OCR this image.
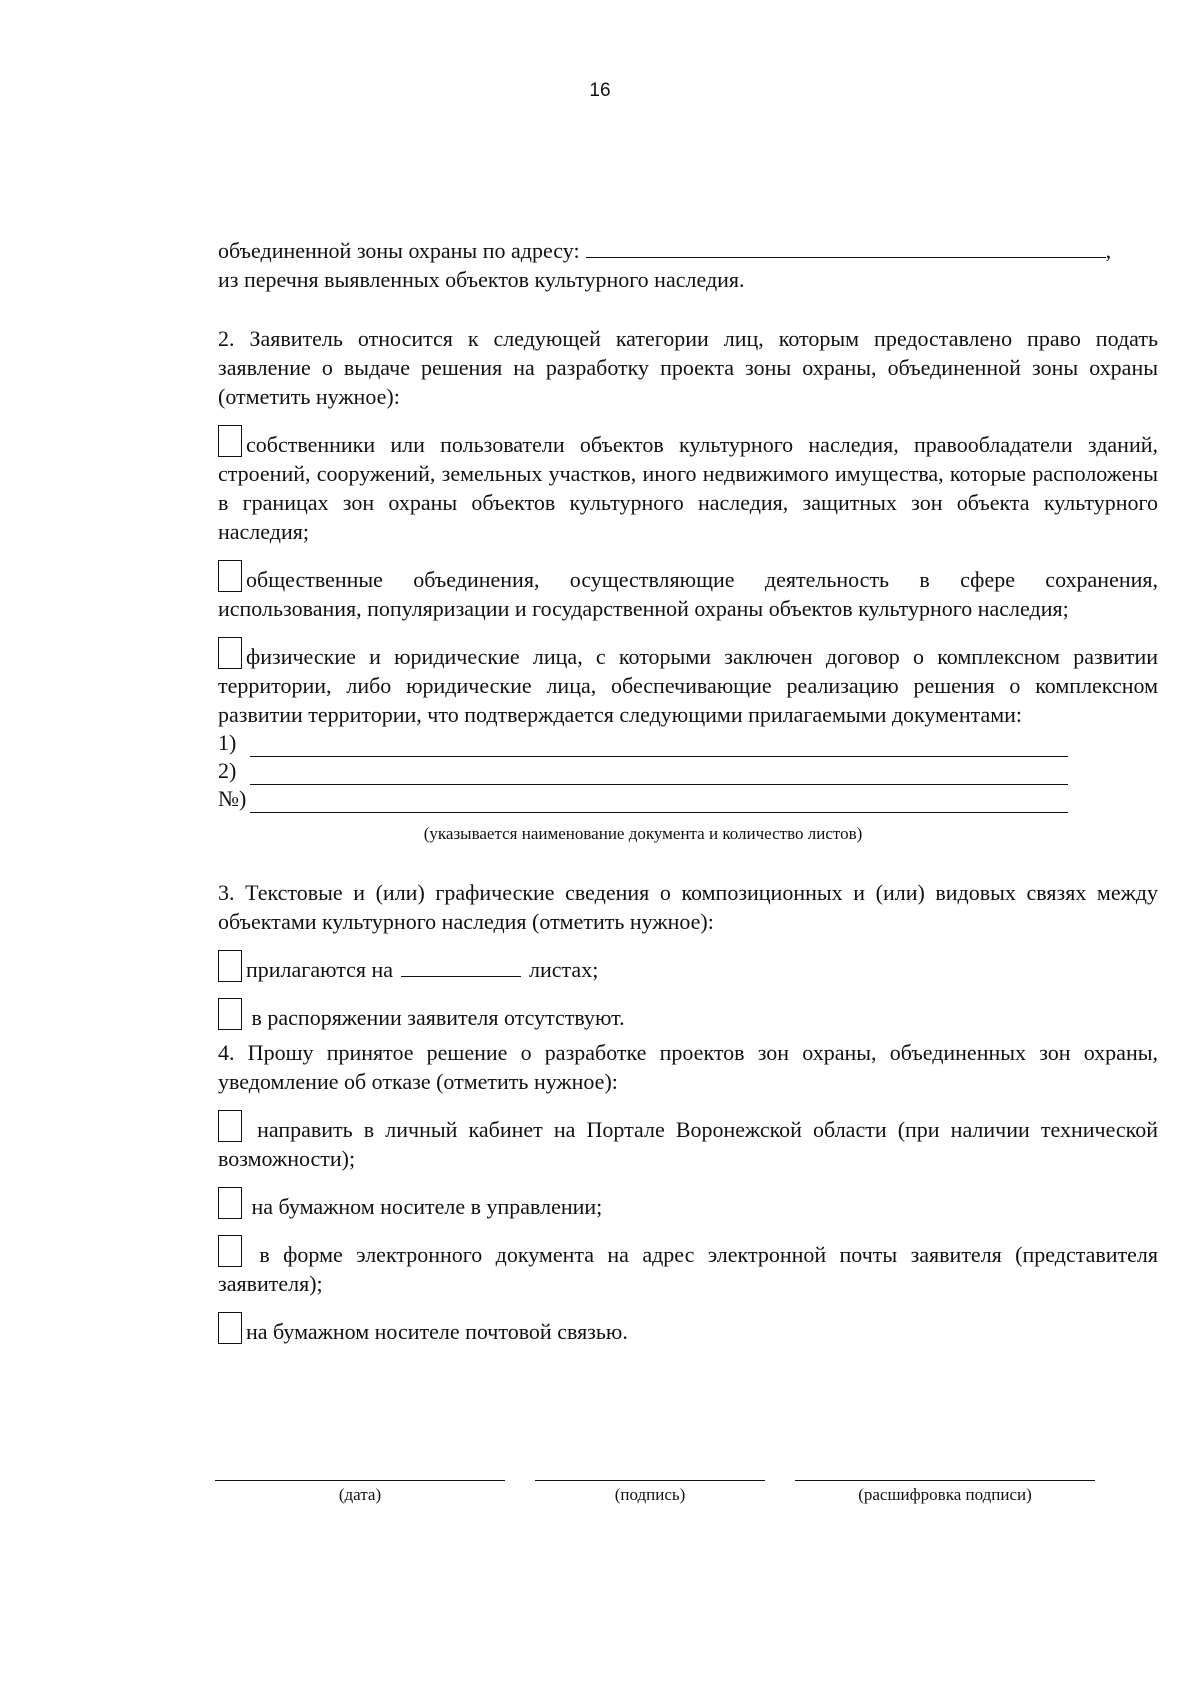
16

объединенной зоны охраны по адресу:	,

из перечня выявленных объектов культурного наследия.

2. Заявитель относится к следующей категории лиц, которым предоставлено право подать заявление о выдаче решения на разработку проекта зоны охраны, объединенной зоны охраны (отметить нужное):

собственники или пользователи объектов культурного наследия, правообладатели зданий, строений, сооружений, земельных участков, иного недвижимого имущества, которые расположены в границах зон охраны объектов культурного наследия, защитных зон объекта культурного наследия;

общественные объединения, осуществляющие деятельность в сфере сохранения, использования, популяризации и государственной охраны объектов культурного наследия;

физические и юридические лица, с которыми заключен договор о комплексном развитии территории, либо юридические лица, обеспечивающие реализацию решения о комплексном развитии территории, что подтверждается следующими прилагаемыми документами:

1)
2)
№)
(указывается наименование документа и количество листов)

3. Текстовые и (или) графические сведения о композиционных и (или) видовых связях между объектами культурного наследия (отметить нужное):

прилагаются на	листах;

в распоряжении заявителя отсутствуют.

4. Прошу принятое решение о разработке проектов зон охраны, объединенных зон охраны, уведомление об отказе (отметить нужное):

направить в личный кабинет на Портале Воронежской области (при наличии технической возможности);

на бумажном носителе в управлении;

в форме электронного документа на адрес электронной почты заявителя (представителя заявителя);

на бумажном носителе почтовой связью.

(дата)	(подпись)	(расшифровка подписи)
